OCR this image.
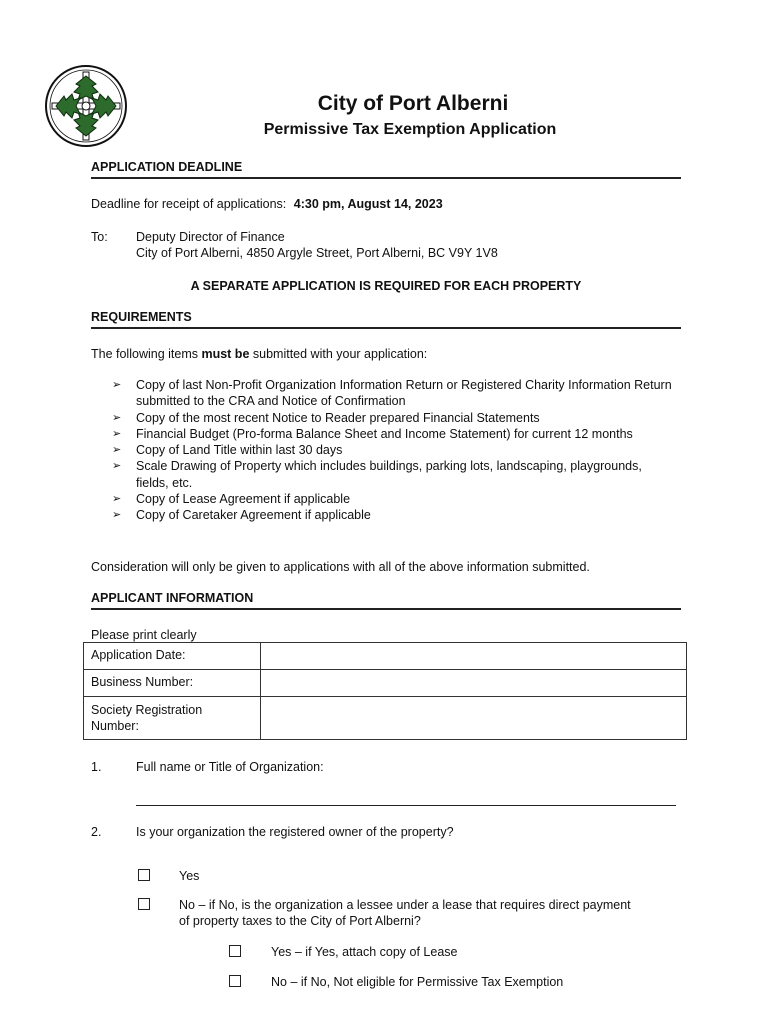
City of Port Alberni
Permissive Tax Exemption Application
APPLICATION DEADLINE
Deadline for receipt of applications: 4:30 pm, August 14, 2023
To: Deputy Director of Finance
City of Port Alberni, 4850 Argyle Street, Port Alberni, BC V9Y 1V8
A SEPARATE APPLICATION IS REQUIRED FOR EACH PROPERTY
REQUIREMENTS
The following items must be submitted with your application:
➢ Copy of last Non-Profit Organization Information Return or Registered Charity Information Return submitted to the CRA and Notice of Confirmation
➢ Copy of the most recent Notice to Reader prepared Financial Statements
➢ Financial Budget (Pro-forma Balance Sheet and Income Statement) for current 12 months
➢ Copy of Land Title within last 30 days
➢ Scale Drawing of Property which includes buildings, parking lots, landscaping, playgrounds, fields, etc.
➢ Copy of Lease Agreement if applicable
➢ Copy of Caretaker Agreement if applicable
Consideration will only be given to applications with all of the above information submitted.
APPLICANT INFORMATION
Please print clearly
Application Date:	
Business Number:	
Society Registration Number:	
1.	Full name or Title of Organization:
2.	Is your organization the registered owner of the property?
Yes
No – if No, is the organization a lessee under a lease that requires direct payment
of property taxes to the City of Port Alberni?
Yes – if Yes, attach copy of Lease
No – if No, Not eligible for Permissive Tax Exemption
